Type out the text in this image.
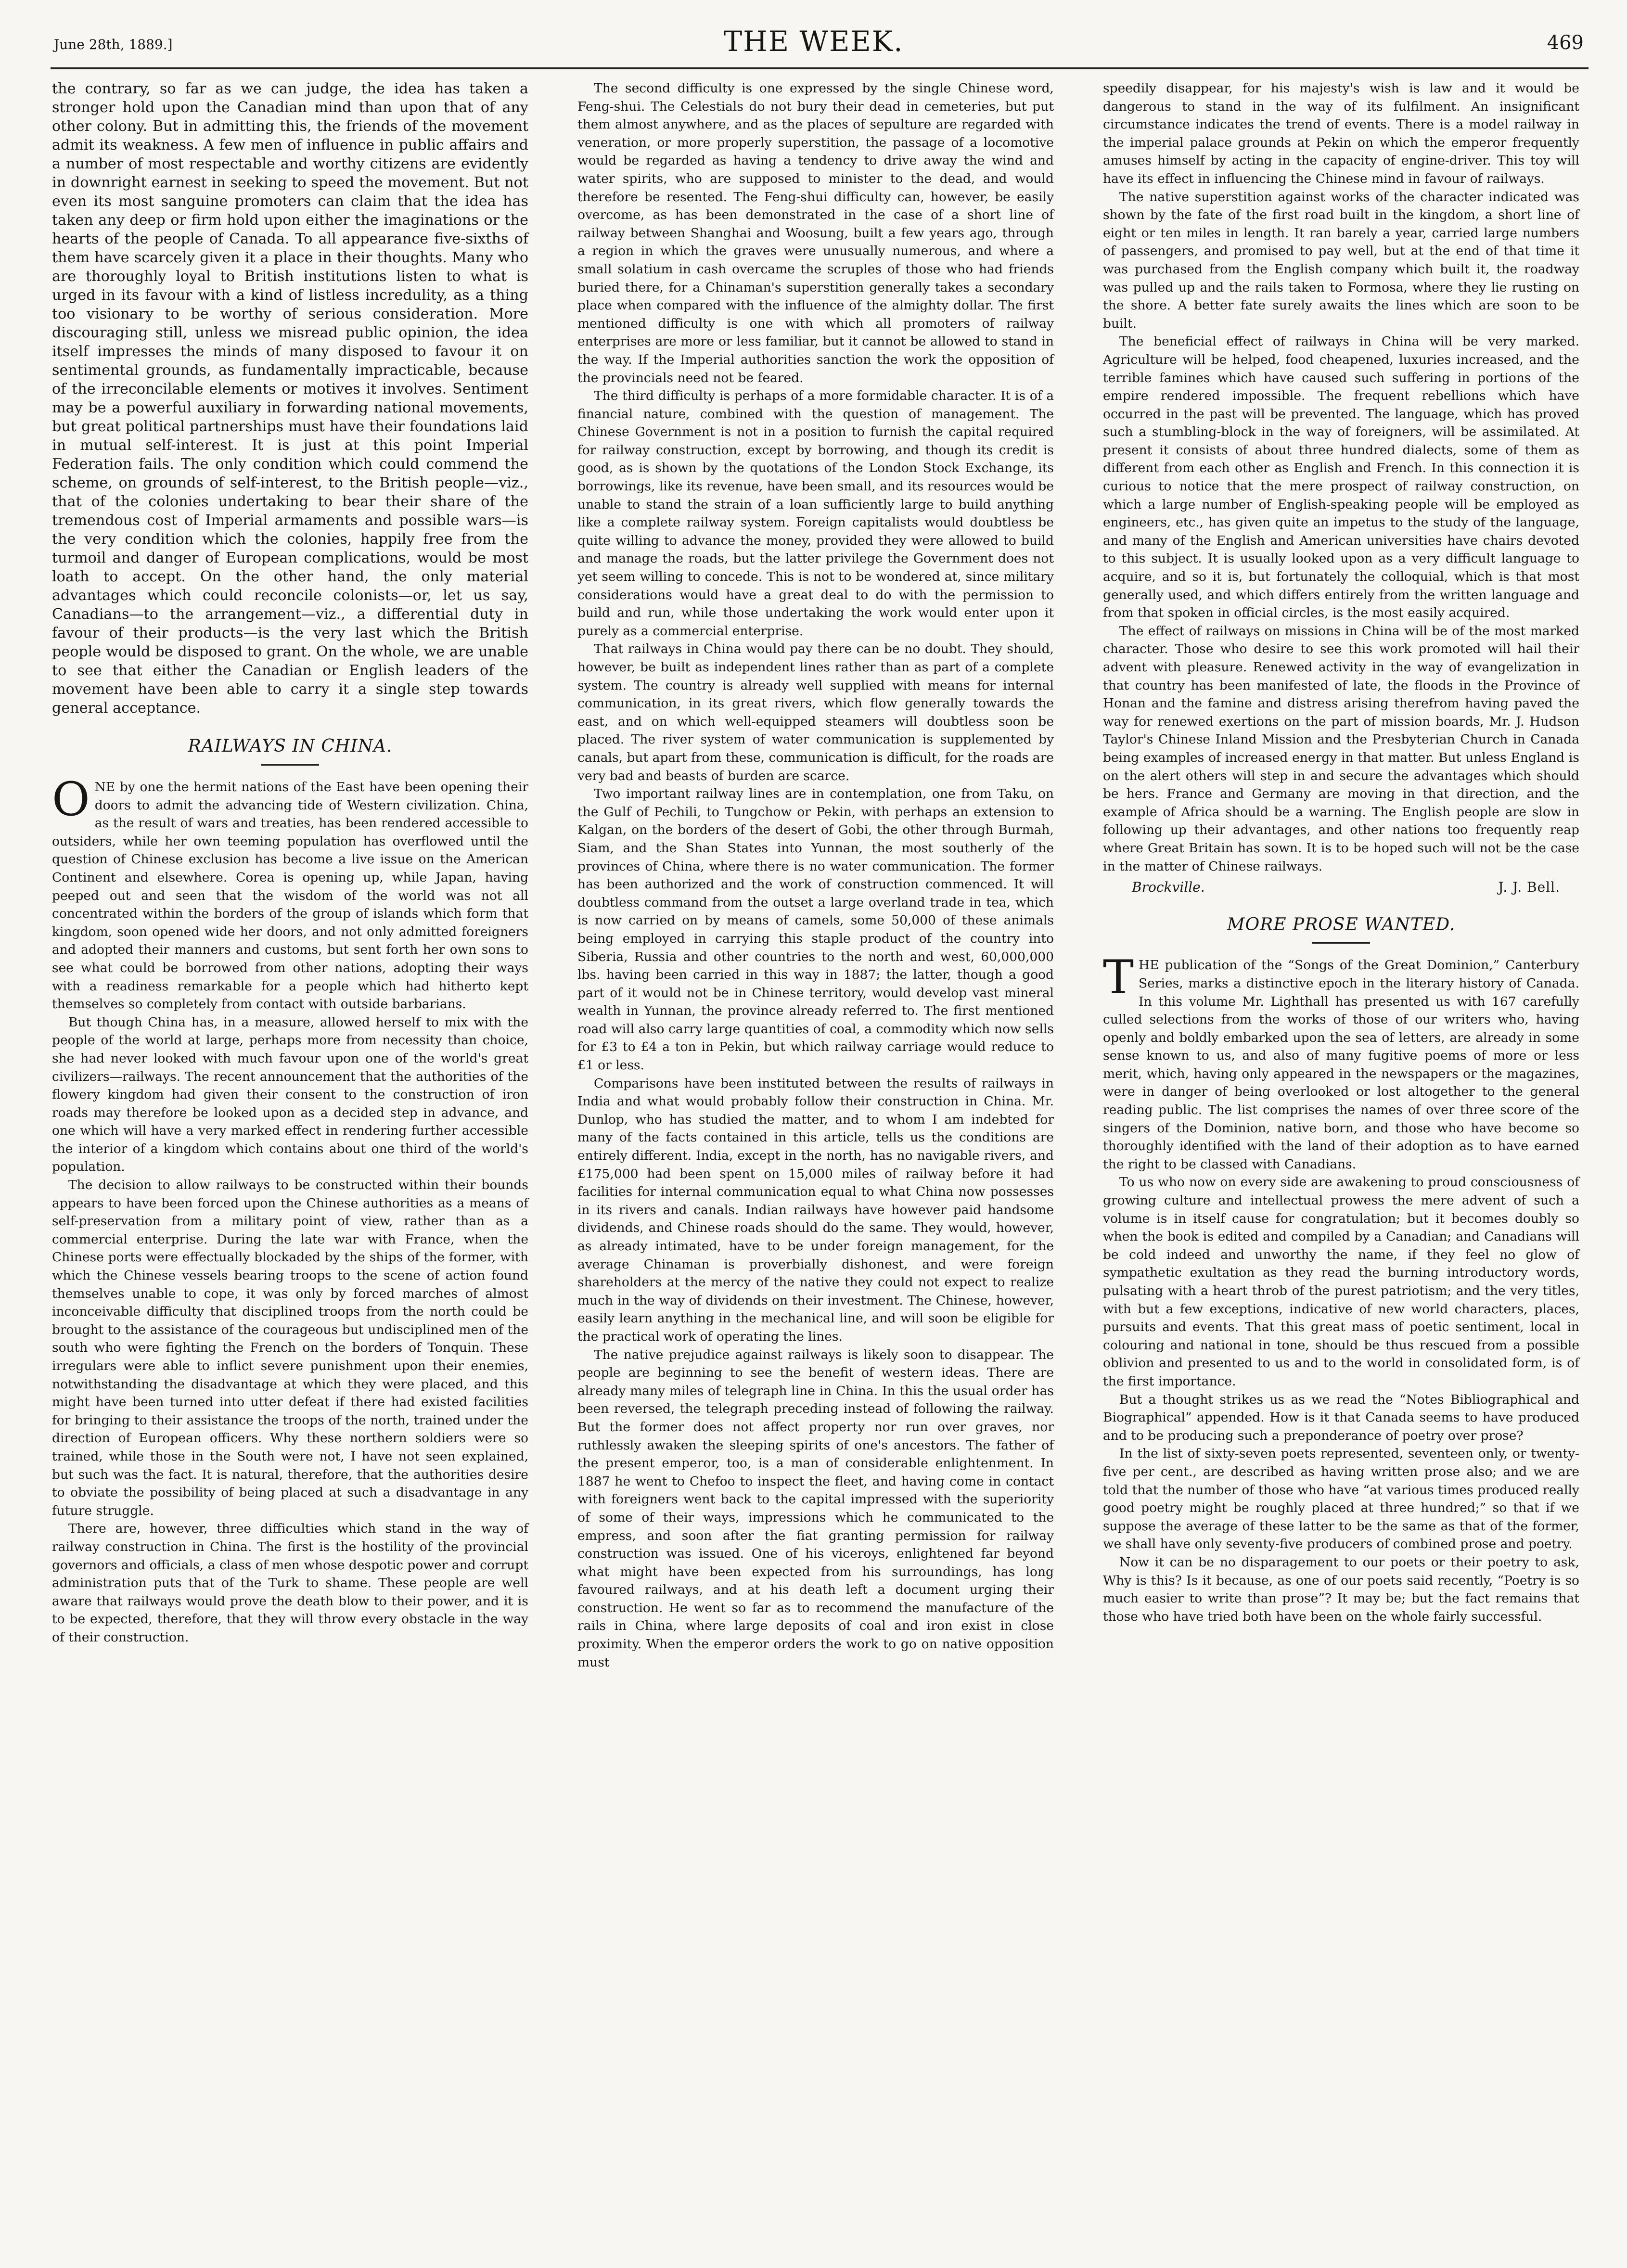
June 28th, 1889.]	THE WEEK.	469

the contrary, so far as we can judge, the idea has taken a stronger hold upon the Canadian mind than upon that of any other colony. But in admitting this, the friends of the movement admit its weakness. A few men of influence in public affairs and a number of most respectable and worthy citizens are evidently in downright earnest in seeking to speed the movement. But not even its most sanguine promoters can claim that the idea has taken any deep or firm hold upon either the imaginations or the hearts of the people of Canada. To all appearance five-sixths of them have scarcely given it a place in their thoughts. Many who are thoroughly loyal to British institutions listen to what is urged in its favour with a kind of listless incredulity, as a thing too visionary to be worthy of serious consideration. More discouraging still, unless we misread public opinion, the idea itself impresses the minds of many disposed to favour it on sentimental grounds, as fundamentally impracticable, because of the irreconcilable elements or motives it involves. Sentiment may be a powerful auxiliary in forwarding national movements, but great political partnerships must have their foundations laid in mutual self-interest. It is just at this point Imperial Federation fails. The only condition which could commend the scheme, on grounds of self-interest, to the British people—viz., that of the colonies undertaking to bear their share of the tremendous cost of Imperial armaments and possible wars—is the very condition which the colonies, happily free from the turmoil and danger of European complications, would be most loath to accept. On the other hand, the only material advantages which could reconcile colonists—or, let us say, Canadians—to the arrangement—viz., a differential duty in favour of their products—is the very last which the British people would be disposed to grant. On the whole, we are unable to see that either the Canadian or English leaders of the movement have been able to carry it a single step towards general acceptance.

RAILWAYS IN CHINA.

ONE by one the hermit nations of the East have been opening their doors to admit the advancing tide of Western civilization. China, as the result of wars and treaties, has been rendered accessible to outsiders, while her own teeming population has overflowed until the question of Chinese exclusion has become a live issue on the American Continent and elsewhere. Corea is opening up, while Japan, having peeped out and seen that the wisdom of the world was not all concentrated within the borders of the group of islands which form that kingdom, soon opened wide her doors, and not only admitted foreigners and adopted their manners and customs, but sent forth her own sons to see what could be borrowed from other nations, adopting their ways with a readiness remarkable for a people which had hitherto kept themselves so completely from contact with outside barbarians.

But though China has, in a measure, allowed herself to mix with the people of the world at large, perhaps more from necessity than choice, she had never looked with much favour upon one of the world's great civilizers—railways. The recent announcement that the authorities of the flowery kingdom had given their consent to the construction of iron roads may therefore be looked upon as a decided step in advance, and one which will have a very marked effect in rendering further accessible the interior of a kingdom which contains about one third of the world's population.

The decision to allow railways to be constructed within their bounds appears to have been forced upon the Chinese authorities as a means of self-preservation from a military point of view, rather than as a commercial enterprise. During the late war with France, when the Chinese ports were effectually blockaded by the ships of the former, with which the Chinese vessels bearing troops to the scene of action found themselves unable to cope, it was only by forced marches of almost inconceivable difficulty that disciplined troops from the north could be brought to the assistance of the courageous but undisciplined men of the south who were fighting the French on the borders of Tonquin. These irregulars were able to inflict severe punishment upon their enemies, notwithstanding the disadvantage at which they were placed, and this might have been turned into utter defeat if there had existed facilities for bringing to their assistance the troops of the north, trained under the direction of European officers. Why these northern soldiers were so trained, while those in the South were not, I have not seen explained, but such was the fact. It is natural, therefore, that the authorities desire to obviate the possibility of being placed at such a disadvantage in any future struggle.

There are, however, three difficulties which stand in the way of railway construction in China. The first is the hostility of the provincial governors and officials, a class of men whose despotic power and corrupt administration puts that of the Turk to shame. These people are well aware that railways would prove the death blow to their power, and it is to be expected, therefore, that they will throw every obstacle in the way of their construction.

The second difficulty is one expressed by the single Chinese word, Feng-shui. The Celestials do not bury their dead in cemeteries, but put them almost anywhere, and as the places of sepulture are regarded with veneration, or more properly superstition, the passage of a locomotive would be regarded as having a tendency to drive away the wind and water spirits, who are supposed to minister to the dead, and would therefore be resented. The Feng-shui difficulty can, however, be easily overcome, as has been demonstrated in the case of a short line of railway between Shanghai and Woosung, built a few years ago, through a region in which the graves were unusually numerous, and where a small solatium in cash overcame the scruples of those who had friends buried there, for a Chinaman's superstition generally takes a secondary place when compared with the influence of the almighty dollar. The first mentioned difficulty is one with which all promoters of railway enterprises are more or less familiar, but it cannot be allowed to stand in the way. If the Imperial authorities sanction the work the opposition of the provincials need not be feared.

The third difficulty is perhaps of a more formidable character. It is of a financial nature, combined with the question of management. The Chinese Government is not in a position to furnish the capital required for railway construction, except by borrowing, and though its credit is good, as is shown by the quotations of the London Stock Exchange, its borrowings, like its revenue, have been small, and its resources would be unable to stand the strain of a loan sufficiently large to build anything like a complete railway system. Foreign capitalists would doubtless be quite willing to advance the money, provided they were allowed to build and manage the roads, but the latter privilege the Government does not yet seem willing to concede. This is not to be wondered at, since military considerations would have a great deal to do with the permission to build and run, while those undertaking the work would enter upon it purely as a commercial enterprise.

That railways in China would pay there can be no doubt. They should, however, be built as independent lines rather than as part of a complete system. The country is already well supplied with means for internal communication, in its great rivers, which flow generally towards the east, and on which well-equipped steamers will doubtless soon be placed. The river system of water communication is supplemented by canals, but apart from these, communication is difficult, for the roads are very bad and beasts of burden are scarce.

Two important railway lines are in contemplation, one from Taku, on the Gulf of Pechili, to Tungchow or Pekin, with perhaps an extension to Kalgan, on the borders of the desert of Gobi, the other through Burmah, Siam, and the Shan States into Yunnan, the most southerly of the provinces of China, where there is no water communication. The former has been authorized and the work of construction commenced. It will doubtless command from the outset a large overland trade in tea, which is now carried on by means of camels, some 50,000 of these animals being employed in carrying this staple product of the country into Siberia, Russia and other countries to the north and west, 60,000,000 lbs. having been carried in this way in 1887; the latter, though a good part of it would not be in Chinese territory, would develop vast mineral wealth in Yunnan, the province already referred to. The first mentioned road will also carry large quantities of coal, a commodity which now sells for £3 to £4 a ton in Pekin, but which railway carriage would reduce to £1 or less.

Comparisons have been instituted between the results of railways in India and what would probably follow their construction in China. Mr. Dunlop, who has studied the matter, and to whom I am indebted for many of the facts contained in this article, tells us the conditions are entirely different. India, except in the north, has no navigable rivers, and £175,000 had been spent on 15,000 miles of railway before it had facilities for internal communication equal to what China now possesses in its rivers and canals. Indian railways have however paid handsome dividends, and Chinese roads should do the same. They would, however, as already intimated, have to be under foreign management, for the average Chinaman is proverbially dishonest, and were foreign shareholders at the mercy of the native they could not expect to realize much in the way of dividends on their investment. The Chinese, however, easily learn anything in the mechanical line, and will soon be eligible for the practical work of operating the lines.

The native prejudice against railways is likely soon to disappear. The people are beginning to see the benefit of western ideas. There are already many miles of telegraph line in China. In this the usual order has been reversed, the telegraph preceding instead of following the railway. But the former does not affect property nor run over graves, nor ruthlessly awaken the sleeping spirits of one's ancestors. The father of the present emperor, too, is a man of considerable enlightenment. In 1887 he went to Chefoo to inspect the fleet, and having come in contact with foreigners went back to the capital impressed with the superiority of some of their ways, impressions which he communicated to the empress, and soon after the fiat granting permission for railway construction was issued. One of his viceroys, enlightened far beyond what might have been expected from his surroundings, has long favoured railways, and at his death left a document urging their construction. He went so far as to recommend the manufacture of the rails in China, where large deposits of coal and iron exist in close proximity. When the emperor orders the work to go on native opposition must

speedily disappear, for his majesty's wish is law and it would be dangerous to stand in the way of its fulfilment. An insignificant circumstance indicates the trend of events. There is a model railway in the imperial palace grounds at Pekin on which the emperor frequently amuses himself by acting in the capacity of engine-driver. This toy will have its effect in influencing the Chinese mind in favour of railways.

The native superstition against works of the character indicated was shown by the fate of the first road built in the kingdom, a short line of eight or ten miles in length. It ran barely a year, carried large numbers of passengers, and promised to pay well, but at the end of that time it was purchased from the English company which built it, the roadway was pulled up and the rails taken to Formosa, where they lie rusting on the shore. A better fate surely awaits the lines which are soon to be built.

The beneficial effect of railways in China will be very marked. Agriculture will be helped, food cheapened, luxuries increased, and the terrible famines which have caused such suffering in portions of the empire rendered impossible. The frequent rebellions which have occurred in the past will be prevented. The language, which has proved such a stumbling-block in the way of foreigners, will be assimilated. At present it consists of about three hundred dialects, some of them as different from each other as English and French. In this connection it is curious to notice that the mere prospect of railway construction, on which a large number of English-speaking people will be employed as engineers, etc., has given quite an impetus to the study of the language, and many of the English and American universities have chairs devoted to this subject. It is usually looked upon as a very difficult language to acquire, and so it is, but fortunately the colloquial, which is that most generally used, and which differs entirely from the written language and from that spoken in official circles, is the most easily acquired.

The effect of railways on missions in China will be of the most marked character. Those who desire to see this work promoted will hail their advent with pleasure. Renewed activity in the way of evangelization in that country has been manifested of late, the floods in the Province of Honan and the famine and distress arising therefrom having paved the way for renewed exertions on the part of mission boards, Mr. J. Hudson Taylor's Chinese Inland Mission and the Presbyterian Church in Canada being examples of increased energy in that matter. But unless England is on the alert others will step in and secure the advantages which should be hers. France and Germany are moving in that direction, and the example of Africa should be a warning. The English people are slow in following up their advantages, and other nations too frequently reap where Great Britain has sown. It is to be hoped such will not be the case in the matter of Chinese railways.

Brockville.	J. J. Bell.
MORE PROSE WANTED.

THE publication of the “Songs of the Great Dominion,” Canterbury Series, marks a distinctive epoch in the literary history of Canada. In this volume Mr. Lighthall has presented us with 167 carefully culled selections from the works of those of our writers who, having openly and boldly embarked upon the sea of letters, are already in some sense known to us, and also of many fugitive poems of more or less merit, which, having only appeared in the newspapers or the magazines, were in danger of being overlooked or lost altogether to the general reading public. The list comprises the names of over three score of the singers of the Dominion, native born, and those who have become so thoroughly identified with the land of their adoption as to have earned the right to be classed with Canadians.

To us who now on every side are awakening to proud consciousness of growing culture and intellectual prowess the mere advent of such a volume is in itself cause for congratulation; but it becomes doubly so when the book is edited and compiled by a Canadian; and Canadians will be cold indeed and unworthy the name, if they feel no glow of sympathetic exultation as they read the burning introductory words, pulsating with a heart throb of the purest patriotism; and the very titles, with but a few exceptions, indicative of new world characters, places, pursuits and events. That this great mass of poetic sentiment, local in colouring and national in tone, should be thus rescued from a possible oblivion and presented to us and to the world in consolidated form, is of the first importance.

But a thought strikes us as we read the “Notes Bibliographical and Biographical” appended. How is it that Canada seems to have produced and to be producing such a preponderance of poetry over prose?

In the list of sixty-seven poets represented, seventeen only, or twenty-five per cent., are described as having written prose also; and we are told that the number of those who have “at various times produced really good poetry might be roughly placed at three hundred;” so that if we suppose the average of these latter to be the same as that of the former, we shall have only seventy-five producers of combined prose and poetry.

Now it can be no disparagement to our poets or their poetry to ask, Why is this? Is it because, as one of our poets said recently, “Poetry is so much easier to write than prose”? It may be; but the fact remains that those who have tried both have been on the whole fairly successful.
